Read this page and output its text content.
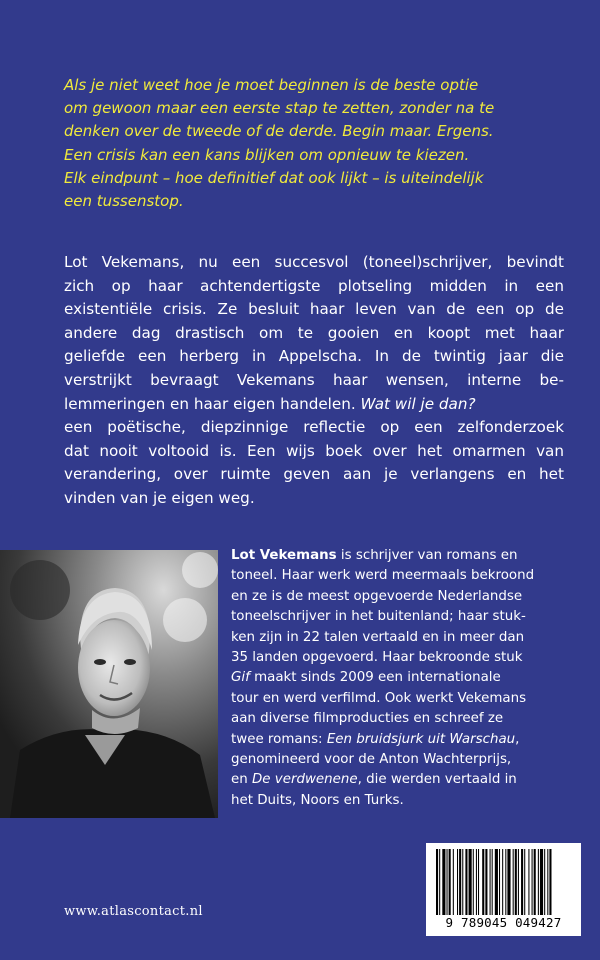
Als je niet weet hoe je moet beginnen is de beste optie
om gewoon maar een eerste stap te zetten, zonder na te
denken over de tweede of de derde. Begin maar. Ergens.
Een crisis kan een kans blijken om opnieuw te kiezen.
Elk eindpunt – hoe definitief dat ook lijkt – is uiteindelijk
een tussenstop.

Lot Vekemans, nu een succesvol (toneel)schrijver, bevindt
zich op haar achtendertigste plotseling midden in een
existentiële crisis. Ze besluit haar leven van de een op de
andere dag drastisch om te gooien en koopt met haar
geliefde een herberg in Appelscha. In de twintig jaar die
verstrijkt bevraagt Vekemans haar wensen, interne be-
lemmeringen en haar eigen handelen. Wat wil je dan?
een poëtische, diepzinnige reflectie op een zelfonderzoek
dat nooit voltooid is. Een wijs boek over het omarmen van
verandering, over ruimte geven aan je verlangens en het
vinden van je eigen weg.
Lot Vekemans is schrijver van romans en
toneel. Haar werk werd meermaals bekroond
en ze is de meest opgevoerde Nederlandse
toneelschrijver in het buitenland; haar stuk-
ken zijn in 22 talen vertaald en in meer dan
35 landen opgevoerd. Haar bekroonde stuk
Gif maakt sinds 2009 een internationale
tour en werd verfilmd. Ook werkt Vekemans
aan diverse filmproducties en schreef ze
twee romans: Een bruidsjurk uit Warschau,
genomineerd voor de Anton Wachterprijs,
en De verdwenene, die werden vertaald in
het Duits, Noors en Turks.
www.atlascontact.nl
9 789045 049427
